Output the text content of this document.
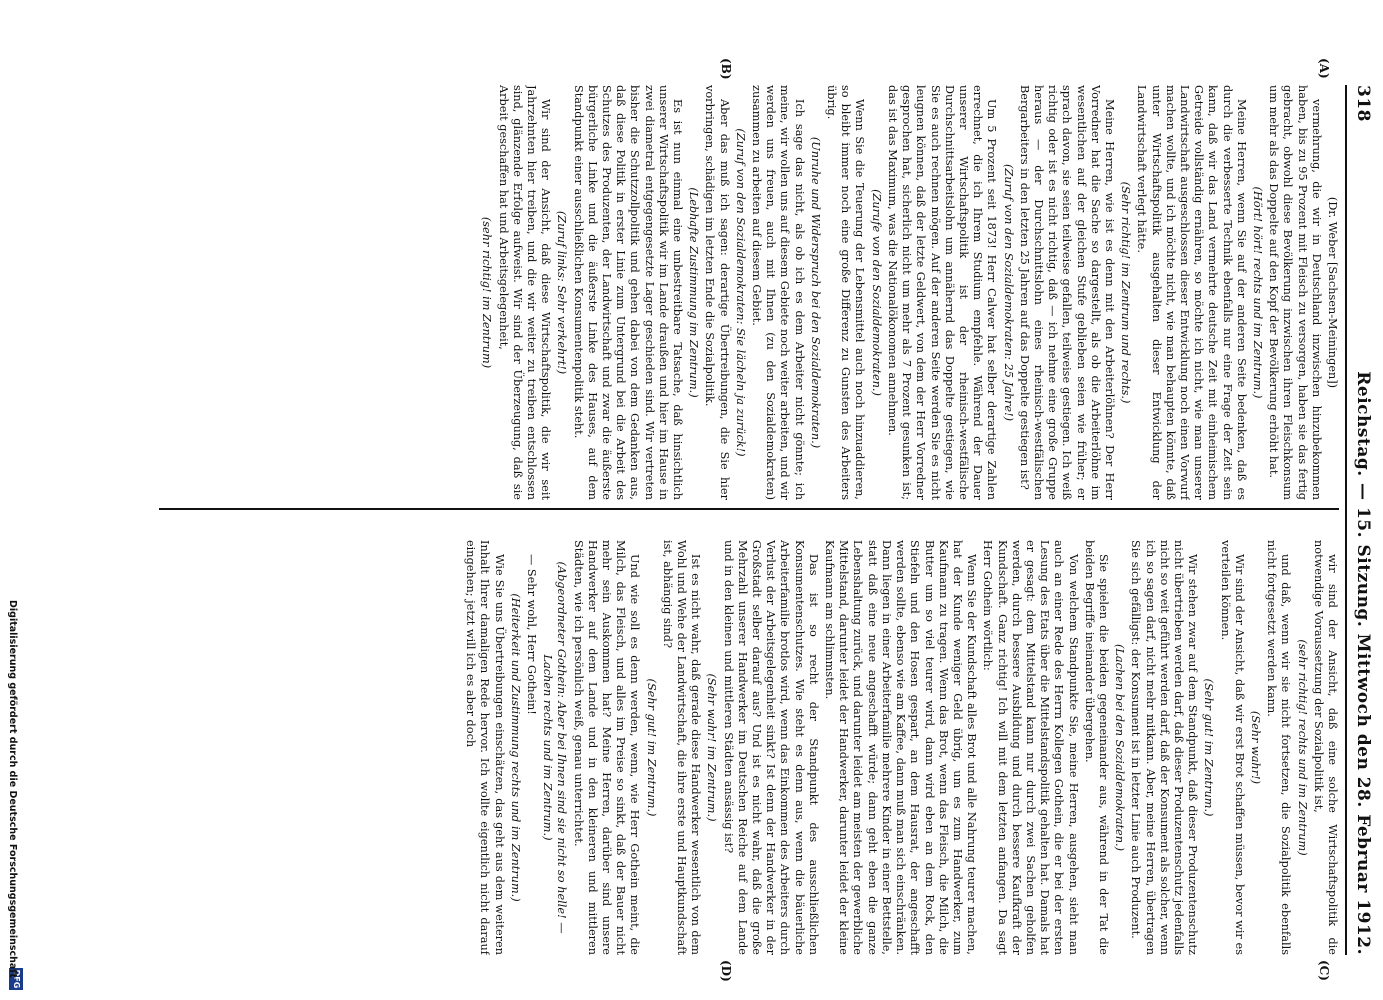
318
Reichstag. — 15. Sitzung. Mittwoch den 28. Februar 1912.
(A)
(B)
(C)
(D)

(Dr. Weber [Sachsen-Meiningen])

vermehrung, die wir in Deutschland inzwischen hinzubekommen haben, bis zu 95 Prozent mit Fleisch zu versorgen, haben sie das fertig gebracht, obwohl diese Bevölkerung inzwischen ihren Fleischkonsum um mehr als das Doppelte auf den Kopf der Bevölkerung erhöht hat.

(Hört! hört! rechts und im Zentrum.)

Meine Herren, wenn Sie auf der anderen Seite bedenken, daß es durch die verbesserte Technik ebenfalls nur eine Frage der Zeit sein kann, daß wir das Land vermehrte deutsche Zeit mit einheimischem Getreide vollständig ernähren, so möchte ich nicht, wie man unserer Landwirtschaft ausgeschlossen dieser Entwicklung noch einen Vorwurf machen wollte, und ich möchte nicht, wie man behaupten könnte, daß unter Wirtschaftspolitik ausgehalten dieser Entwicklung der Landwirtschaft verlegt hätte.

(Sehr richtig! im Zentrum und rechts.)

Meine Herren, wie ist es denn mit den Arbeiterlöhnen? Der Herr Vorredner hat die Sache so dargestellt, als ob die Arbeiterlöhne im wesentlichen auf der gleichen Stufe geblieben seien wie früher; er sprach davon, sie seien teilweise gefallen, teilweise gestiegen. Ich weiß richtig oder ist es nicht richtig, daß — ich nehme eine große Gruppe heraus — der Durchschnittslohn eines rheinisch-westfälischen Bergarbeiters in den letzten 25 Jahren auf das Doppelte gestiegen ist?

(Zuruf von den Sozialdemokraten: 25 Jahre!)

Um 5 Prozent seit 1873! Herr Calwer hat selber derartige Zahlen errechnet, die ich Ihrem Studium empfehle. Während der Dauer unserer Wirtschaftspolitik ist der rheinisch-westfälische Durchschnittsarbeitslohn um annähernd das Doppelte gestiegen, wie Sie es auch rechnen mögen. Auf der anderen Seite werden Sie es nicht leugnen können, daß der letzte Geldwert, von dem der Herr Vorredner gesprochen hat, sicherlich nicht um mehr als 7 Prozent gesunken ist; das ist das Maximum, was die Nationalökonomen annehmen.

(Zurufe von den Sozialdemokraten.)

Wenn Sie die Teuerung der Lebensmittel auch noch hinzuaddieren, so bleibt immer noch eine große Differenz zu Gunsten des Arbeiters übrig.

(Unruhe und Widerspruch bei den Sozialdemokraten.)

Ich sage das nicht, als ob ich es dem Arbeiter nicht gönnte; ich meine, wir wollen uns auf diesem Gebiete noch weiter arbeiten, und wir werden uns freuen, auch mit Ihnen (zu den Sozialdemokraten) zusammen zu arbeiten auf diesem Gebiet.

(Zuruf von den Sozialdemokraten: Sie lächeln ja zurück!)

Aber das muß ich sagen: derartige Übertreibungen, die Sie hier vorbringen, schädigen im letzten Ende die Sozialpolitik.

(Lebhafte Zustimmung im Zentrum.)

Es ist nun einmal eine unbestreitbare Tatsache, daß hinsichtlich unserer Wirtschaftspolitik wir im Lande draußen und hier im Hause in zwei diametral entgegengesetzte Lager geschieden sind. Wir vertreten bisher die Schutzzollpolitik und gehen dabei von dem Gedanken aus, daß diese Politik in erster Linie zum Untergrund bei die Arbeit des Schutzes des Produzenten, der Landwirtschaft und zwar die äußerste bürgerliche Linke und die äußerste Linke des Hauses, auf dem Standpunkt einer ausschließlichen Konsumentenpolitik steht.

(Zuruf links: Sehr verkehrt!)

Wir sind der Ansicht, daß diese Wirtschaftspolitik, die wir seit Jahrzehnten hier treiben, und die wir weiter zu treiben entschlossen sind, glänzende Erfolge aufweist. Wir sind der Überzeugung, daß sie Arbeit geschaffen hat und Arbeitsgelegenheit,

(sehr richtig! im Zentrum)

wir sind der Ansicht, daß eine solche Wirtschaftspolitik die notwendige Voraussetzung der Sozialpolitik ist,

(sehr richtig! rechts und im Zentrum)

und daß, wenn wir sie nicht fortsetzen, die Sozialpolitik ebenfalls nicht fortgesetzt werden kann.

(Sehr wahr!)

Wir sind der Ansicht, daß wir erst Brot schaffen müssen, bevor wir es verteilen können.

(Sehr gut! im Zentrum.)

Wir stehen zwar auf dem Standpunkt, daß dieser Produzentenschutz nicht übertrieben werden darf, daß dieser Produzentenschutz jedenfalls nicht so weit geführt werden darf, daß der Konsument als solcher, wenn ich so sagen darf, nicht mehr mitkann. Aber, meine Herren, übertragen Sie sich gefälligst: der Konsument ist in letzter Linie auch Produzent.

(Lachen bei den Sozialdemokraten.)

Sie spielen die beiden gegeneinander aus, während in der Tat die beiden Begriffe ineinander übergehen.

Von welchem Standpunkte Sie, meine Herren, ausgehen, sieht man auch an einer Rede des Herrn Kollegen Gothein, die er bei der ersten Lesung des Etats über die Mittelstandspolitik gehalten hat. Damals hat er gesagt: dem Mittelstand kann nur durch zwei Sachen geholfen werden, durch bessere Ausbildung und durch bessere Kaufkraft der Kundschaft. Ganz richtig! Ich will mit dem letzten anfangen. Da sagt Herr Gothein wörtlich:

Wenn Sie der Kundschaft alles Brot und alle Nahrung teurer machen, hat der Kunde weniger Geld übrig, um es zum Handwerker, zum Kaufmann zu tragen. Wenn das Brot, wenn das Fleisch, die Milch, die Butter um so viel teurer wird, dann wird eben an dem Rock, den Stiefeln und den Hosen gespart, an dem Hausrat, der angeschafft werden sollte, ebenso wie am Kaffee, dann muß man sich einschränken. Dann liegen in einer Arbeiterfamilie mehrere Kinder in einer Bettstelle, statt daß eine neue angeschafft würde; dann geht eben die ganze Lebenshaltung zurück, und darunter leidet am meisten der gewerbliche Mittelstand, darunter leidet der Handwerker, darunter leidet der kleine Kaufmann am schlimmsten.

Das ist so recht der Standpunkt des ausschließlichen Konsumentenschutzes. Wie steht es denn aus, wenn die bäuerliche Arbeiterfamilie brotlos wird, wenn das Einkommen des Arbeiters durch Verlust der Arbeitsgelegenheit sinkt? Ist denn der Handwerker in der Großstadt selber darauf aus? Und ist es nicht wahr, daß die große Mehrzahl unserer Handwerker im Deutschen Reiche auf dem Lande und in den kleinen und mittleren Städten ansässig ist?

(Sehr wahr! im Zentrum.)

Ist es nicht wahr, daß gerade diese Handwerker wesentlich von dem Wohl und Wehe der Landwirtschaft, die ihre erste und Hauptkundschaft ist, abhängig sind?

(Sehr gut! im Zentrum.)

Und wie soll es denn werden, wenn, wie Herr Gothein meint, die Milch, das Fleisch, und alles im Preise so sinkt, daß der Bauer nicht mehr sein Auskommen hat? Meine Herren, darüber sind unsere Handwerker auf dem Lande und in den kleineren und mittleren Städten, wie ich persönlich weiß, genau unterrichtet.

(Abgeordneter Gothein: Aber bei Ihnen sind sie nicht so helle! — Lachen rechts und im Zentrum.)

— Sehr wohl, Herr Gothein!

(Heiterkeit und Zustimmung rechts und im Zentrum.)

Wie Sie uns Übertreibungen einschätzen, das geht aus dem weiteren Inhalt Ihrer damaligen Rede hervor. Ich wollte eigentlich nicht darauf eingehen; jetzt will ich es aber doch

DFG
Digitalisierung gefördert durch die Deutsche Forschungsgemeinschaft
